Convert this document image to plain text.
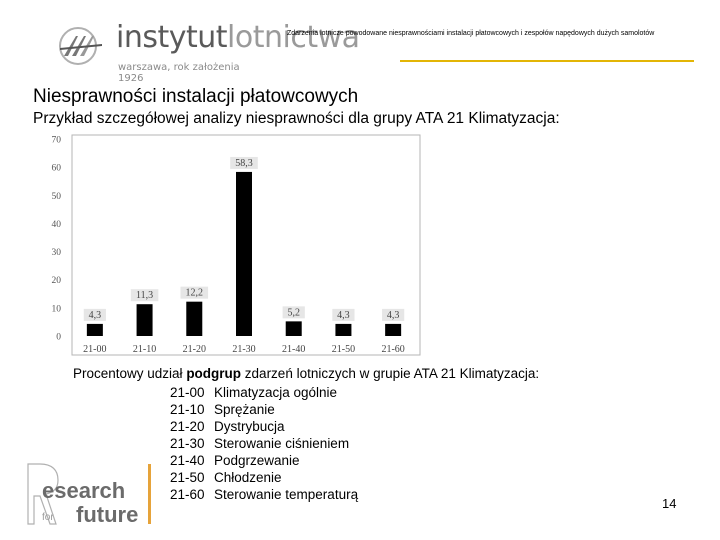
instytutlotnictwa
warszawa, rok założenia 1926
Zdarzenia lotnicze powodowane niesprawnościami instalacji płatowcowych i zespołów napędowych dużych samolotów
Niesprawności instalacji płatowcowych
Przykład szczegółowej analizy niesprawności dla grupy ATA 21 Klimatyzacja:
0
10
20
30
40
50
60
70
4,3
11,3	12,2
58,3
5,2	4,3	4,3
21-00	21-10	21-20	21-30	21-40	21-50	21-60
Procentowy udział podgrup zdarzeń lotniczych w grupie ATA 21 Klimatyzacja:
21-00 Klimatyzacja ogólnie
21-10 Sprężanie
21-20 Dystrybucja
21-30 Sterowanie ciśnieniem
21-40 Podgrzewanie
21-50 Chłodzenie
21-60 Sterowanie temperaturą
esearch
future
for
14
